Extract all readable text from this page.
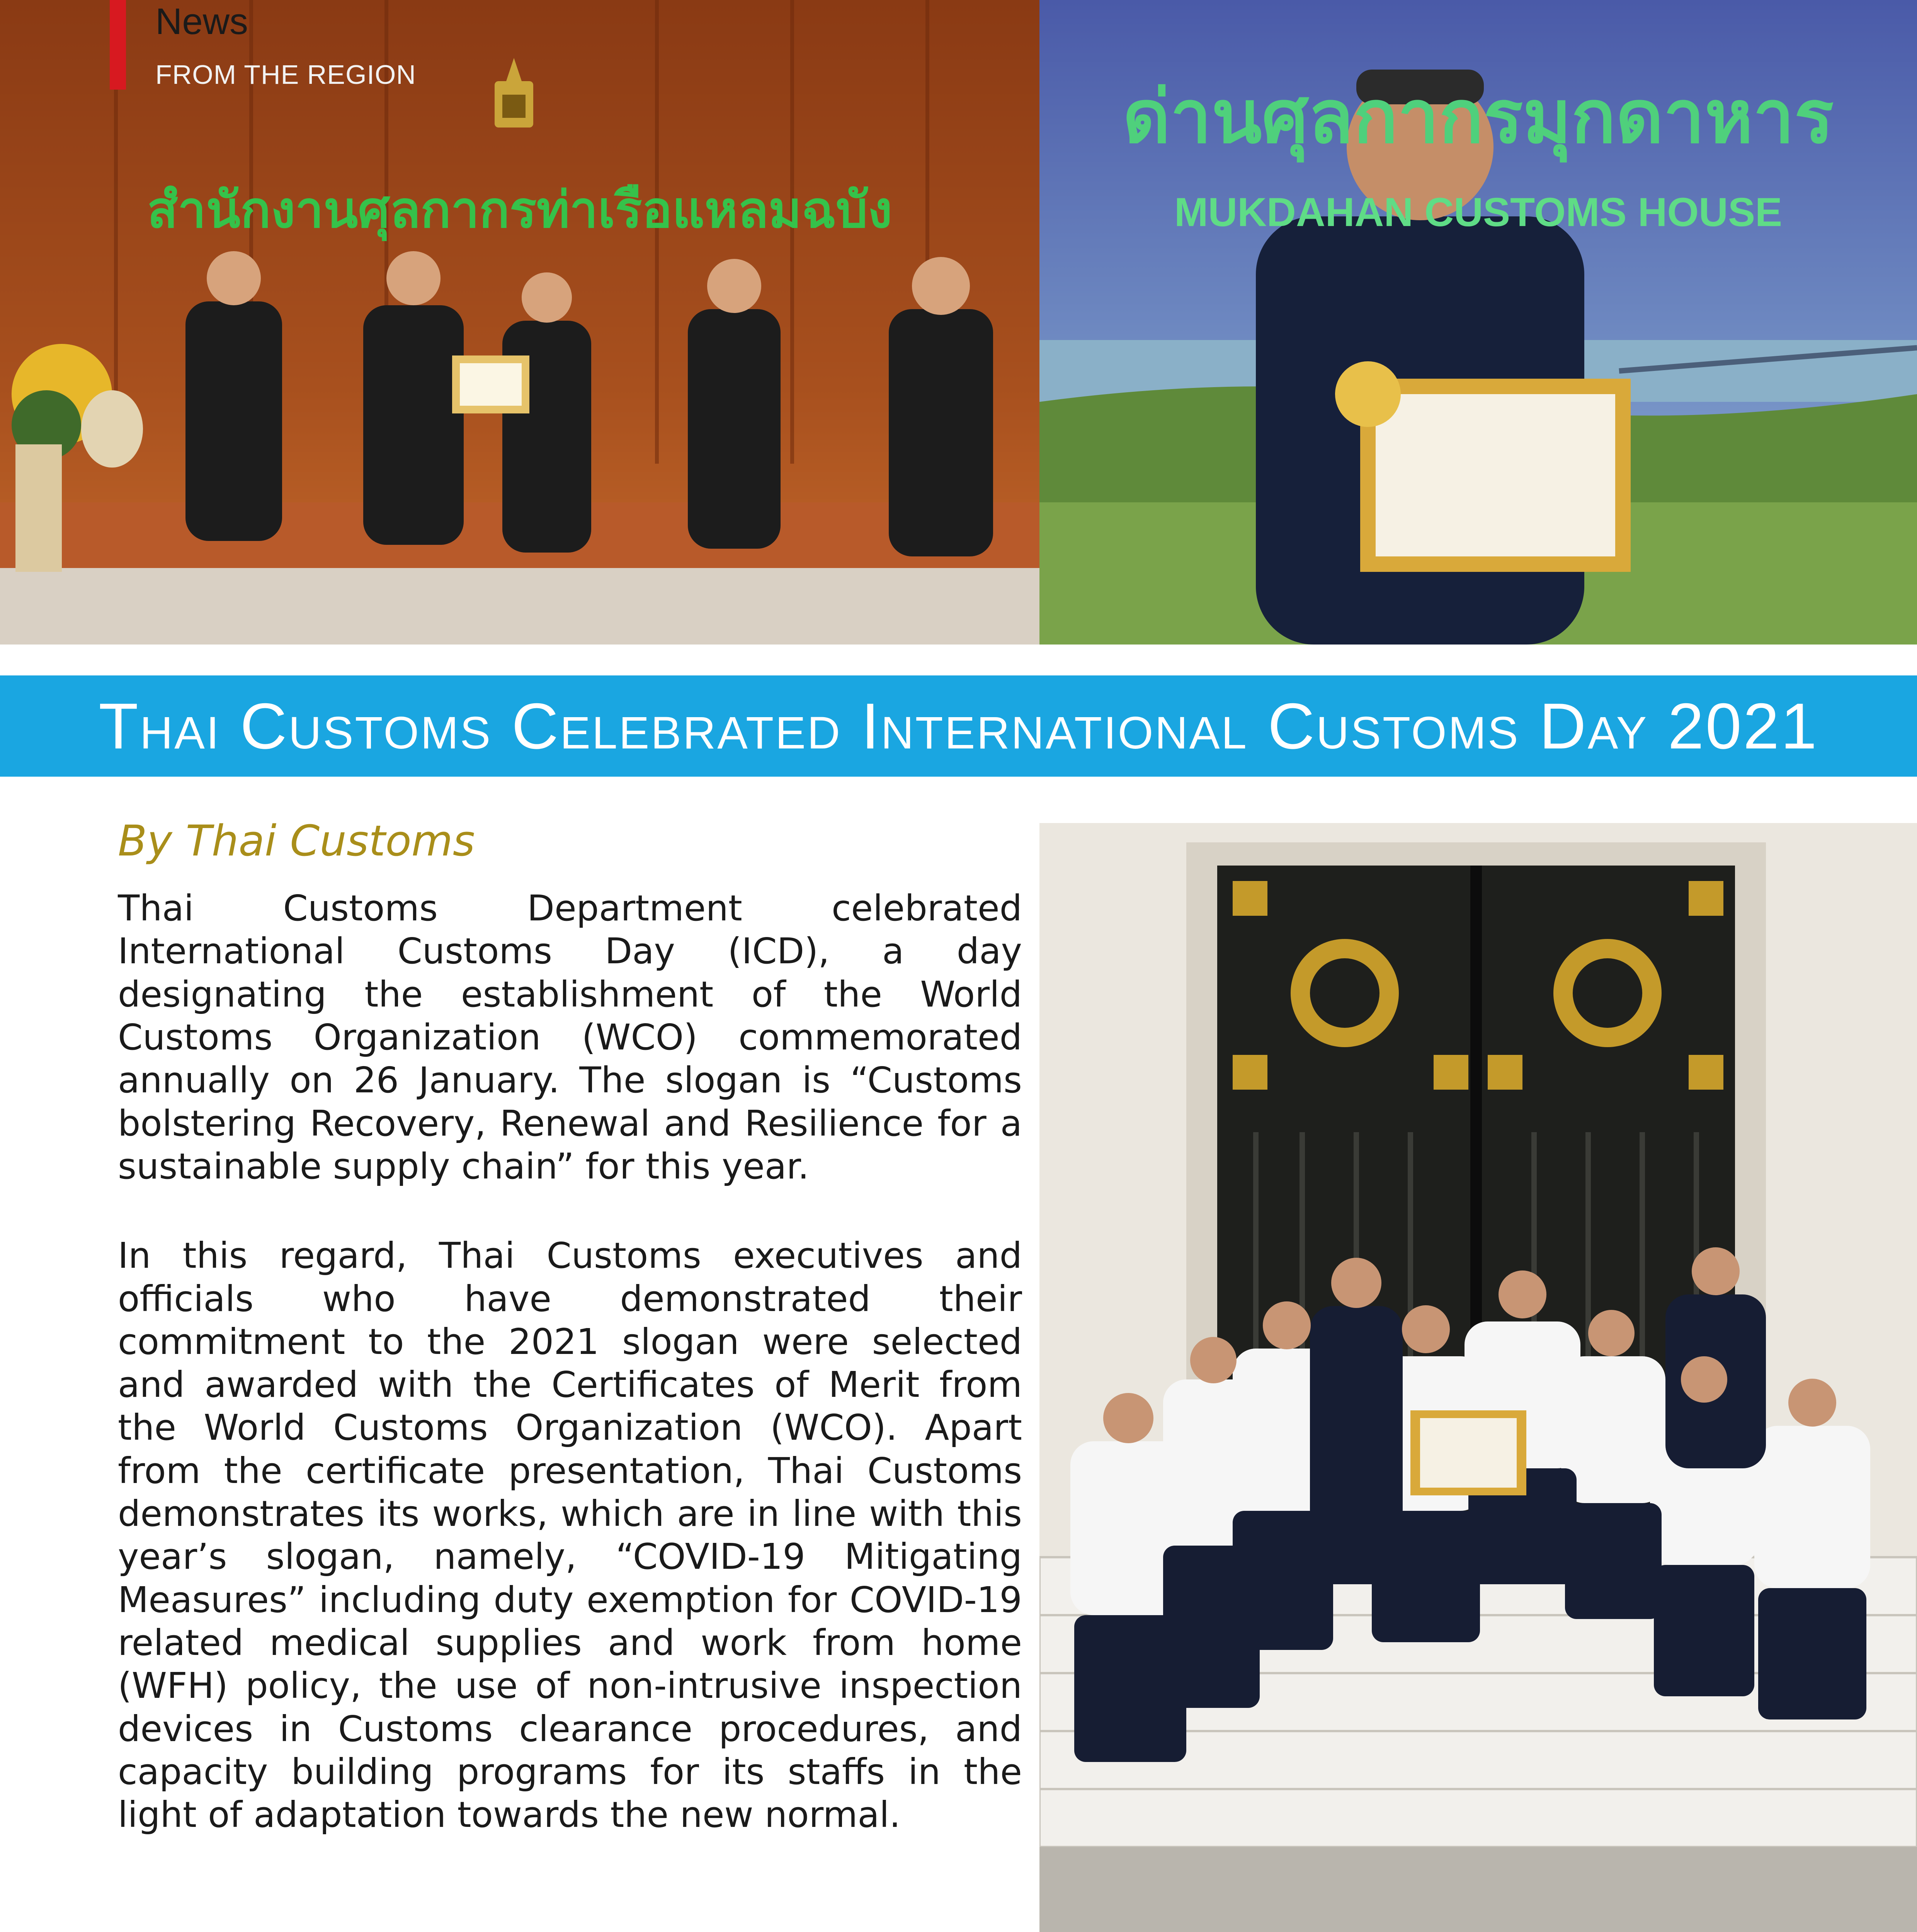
สำนักงานศุลกากรท่าเรือแหลมฉบัง
ด่านศุลกากรมุกดาหาร
MUKDAHAN CUSTOMS HOUSE
News
FROM THE REGION
Thai Customs Celebrated International Customs Day 2021
By Thai Customs

Thai Customs Department celebrated International Customs Day (ICD), a day designating the establishment of the World Customs Organization (WCO) commemorated annually on 26 January. The slogan is “Customs bolstering Recovery, Renewal and Resilience for a sustainable supply chain” for this year.

In this regard, Thai Customs executives and officials who have demonstrated their commitment to the 2021 slogan were selected and awarded with the Certificates of Merit from the World Customs Organization (WCO). Apart from the certificate presentation, Thai Customs demonstrates its works, which are in line with this year’s slogan, namely, “COVID-19 Mitigating Measures” including duty exemption for COVID-19 related medical supplies and work from home (WFH) policy, the use of non-intrusive inspection devices in Customs clearance procedures, and capacity building programs for its staffs in the light of adaptation towards the new normal.
